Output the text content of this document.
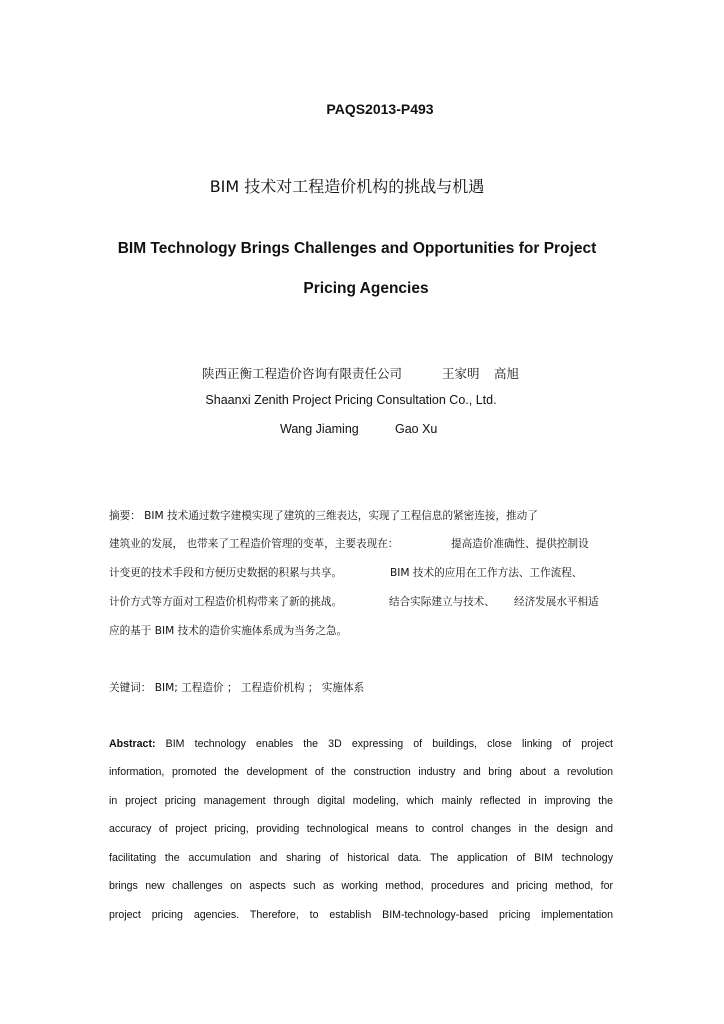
PAQS2013-P493
BIM 技术对工程造价机构的挑战与机遇
BIM Technology Brings Challenges and Opportunities for Project
Pricing Agencies
陕西正衡工程造价咨询有限责任公司	王家明 高旭
Shaanxi Zenith Project Pricing Consultation Co., Ltd.
Wang Jiaming	Gao Xu
摘要： BIM 技术通过数字建模实现了建筑的三维表达，实现了工程信息的紧密连接，推动了
建筑业的发展， 也带来了工程造价管理的变革，主要表现在：	提高造价准确性、提供控制设
计变更的技术手段和方便历史数据的积累与共享。	BIM 技术的应用在工作方法、工作流程、
计价方式等方面对工程造价机构带来了新的挑战。	结合实际建立与技术、 经济发展水平相适
应的基于 BIM 技术的造价实施体系成为当务之急。
关键词： BIM; 工程造价 ； 工程造价机构 ； 实施体系
Abstract: BIM technology enables the 3D expressing of buildings, close linking of project
information, promoted the development of the construction industry and bring about a revolution
in project pricing management through digital modeling, which mainly reflected in improving the
accuracy of project pricing, providing technological means to control changes in the design and
facilitating the accumulation and sharing of historical data. The application of BIM technology
brings new challenges on aspects such as working method, procedures and pricing method, for
project pricing agencies. Therefore, to establish BIM-technology-based pricing implementation
